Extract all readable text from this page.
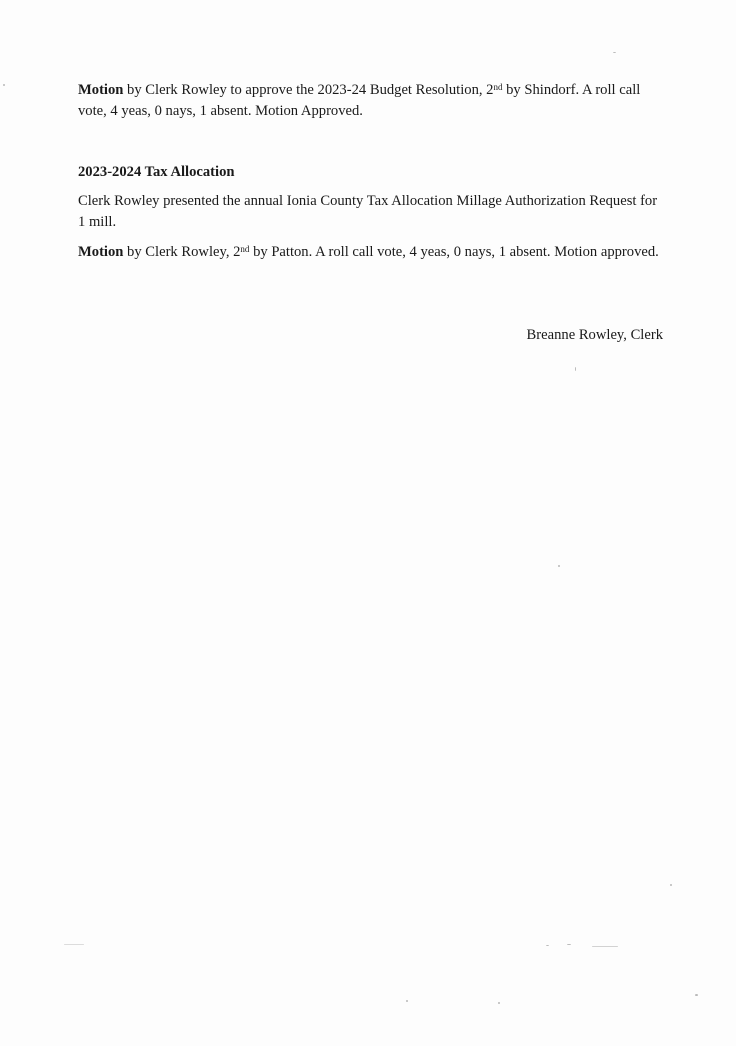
Motion by Clerk Rowley to approve the 2023-24 Budget Resolution, 2nd by Shindorf. A roll call vote, 4 yeas, 0 nays, 1 absent. Motion Approved.

2023-2024 Tax Allocation

Clerk Rowley presented the annual Ionia County Tax Allocation Millage Authorization Request for 1 mill.

Motion by Clerk Rowley, 2nd by Patton. A roll call vote, 4 yeas, 0 nays, 1 absent. Motion approved.

Breanne Rowley, Clerk
